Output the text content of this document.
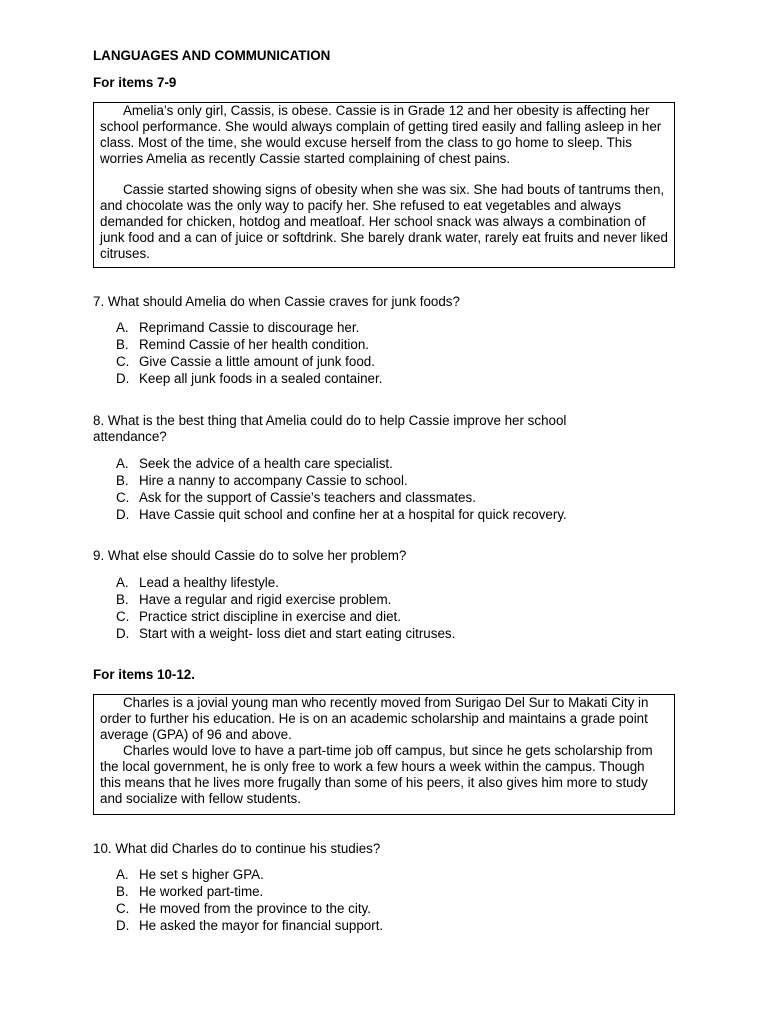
LANGUAGES AND COMMUNICATION
For items 7-9

Amelia’s only girl, Cassis, is obese. Cassie is in Grade 12 and her obesity is affecting her school performance. She would always complain of getting tired easily and falling asleep in her class. Most of the time, she would excuse herself from the class to go home to sleep. This worries Amelia as recently Cassie started complaining of chest pains.

Cassie started showing signs of obesity when she was six. She had bouts of tantrums then, and chocolate was the only way to pacify her. She refused to eat vegetables and always demanded for chicken, hotdog and meatloaf. Her school snack was always a combination of junk food and a can of juice or softdrink. She barely drank water, rarely eat fruits and never liked citruses.

7. What should Amelia do when Cassie craves for junk foods?

A. Reprimand Cassie to discourage her.
B. Remind Cassie of her health condition.
C. Give Cassie a little amount of junk food.
D. Keep all junk foods in a sealed container.

8. What is the best thing that Amelia could do to help Cassie improve her school attendance?

A. Seek the advice of a health care specialist.
B. Hire a nanny to accompany Cassie to school.
C. Ask for the support of Cassie’s teachers and classmates.
D. Have Cassie quit school and confine her at a hospital for quick recovery.

9. What else should Cassie do to solve her problem?

A. Lead a healthy lifestyle.
B. Have a regular and rigid exercise problem.
C. Practice strict discipline in exercise and diet.
D. Start with a weight- loss diet and start eating citruses.
For items 10-12.

Charles is a jovial young man who recently moved from Surigao Del Sur to Makati City in order to further his education. He is on an academic scholarship and maintains a grade point average (GPA) of 96 and above.

Charles would love to have a part-time job off campus, but since he gets scholarship from the local government, he is only free to work a few hours a week within the campus. Though this means that he lives more frugally than some of his peers, it also gives him more to study and socialize with fellow students.

10. What did Charles do to continue his studies?

A. He set s higher GPA.
B. He worked part-time.
C. He moved from the province to the city.
D. He asked the mayor for financial support.
